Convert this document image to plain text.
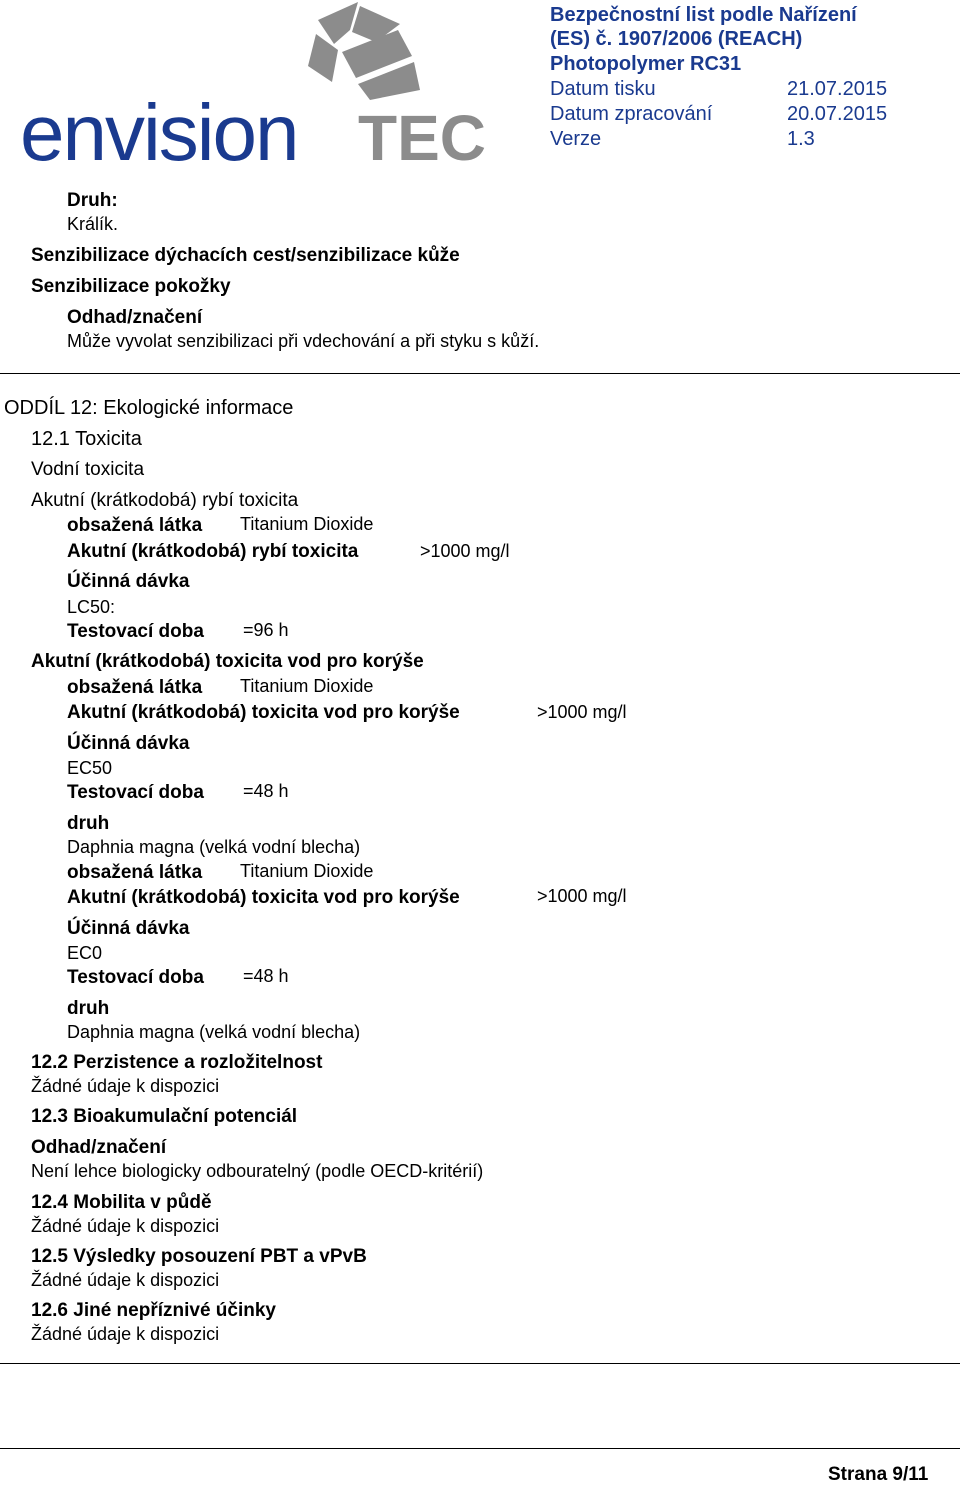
envision TEC
Bezpečnostní list podle Nařízení
(ES) č. 1907/2006 (REACH)
Photopolymer RC31
Datum tisku	21.07.2015
Datum zpracování	20.07.2015
Verze	1.3
Druh:
Králík.
Senzibilizace dýchacích cest/senzibilizace kůže
Senzibilizace pokožky
Odhad/značení
Může vyvolat senzibilizaci při vdechování a při styku s kůží.
ODDÍL 12: Ekologické informace
12.1 Toxicita
Vodní toxicita
Akutní (krátkodobá) rybí toxicita
obsažená látka Titanium Dioxide
Akutní (krátkodobá) rybí toxicita	>1000 mg/l
Účinná dávka
LC50:
Testovací doba =96 h
Akutní (krátkodobá) toxicita vod pro korýše
obsažená látka Titanium Dioxide
Akutní (krátkodobá) toxicita vod pro korýše	>1000 mg/l
Účinná dávka
EC50
Testovací doba =48 h
druh
Daphnia magna (velká vodní blecha)
obsažená látka Titanium Dioxide
Akutní (krátkodobá) toxicita vod pro korýše	>1000 mg/l
Účinná dávka
EC0
Testovací doba =48 h
druh
Daphnia magna (velká vodní blecha)
12.2 Perzistence a rozložitelnost
Žádné údaje k dispozici
12.3 Bioakumulační potenciál
Odhad/značení
Není lehce biologicky odbouratelný (podle OECD-kritérií)
12.4 Mobilita v půdě
Žádné údaje k dispozici
12.5 Výsledky posouzení PBT a vPvB
Žádné údaje k dispozici
12.6 Jiné nepříznivé účinky
Žádné údaje k dispozici
Strana 9/11
